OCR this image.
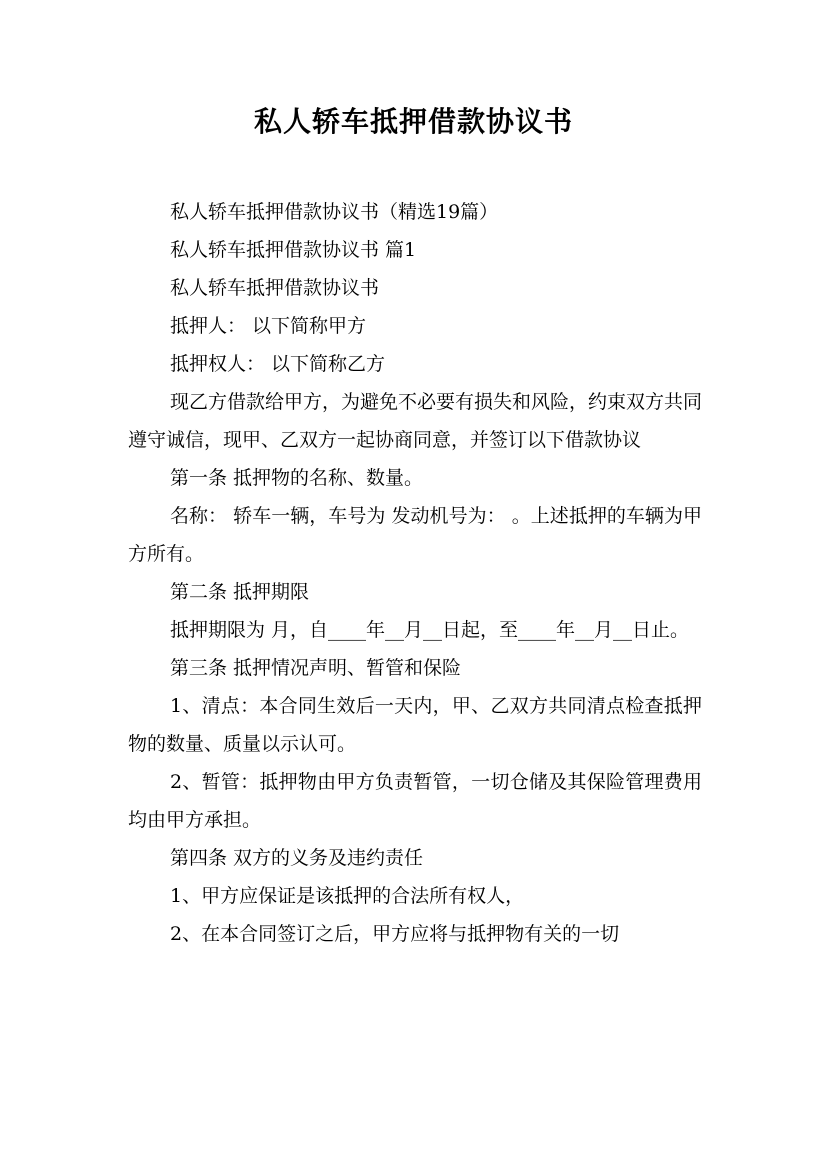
私人轿车抵押借款协议书

私人轿车抵押借款协议书（精选19篇）

私人轿车抵押借款协议书 篇1

私人轿车抵押借款协议书

抵押人： 以下简称甲方

抵押权人： 以下简称乙方

现乙方借款给甲方，为避免不必要有损失和风险，约束双方共同遵守诚信，现甲、乙双方一起协商同意，并签订以下借款协议

第一条 抵押物的名称、数量。

名称： 轿车一辆，车号为 发动机号为： 。上述抵押的车辆为甲方所有。

第二条 抵押期限

抵押期限为 月，自____年__月__日起，至____年__月__日止。

第三条 抵押情况声明、暂管和保险

1、清点：本合同生效后一天内，甲、乙双方共同清点检查抵押物的数量、质量以示认可。

2、暂管：抵押物由甲方负责暂管，一切仓储及其保险管理费用均由甲方承担。

第四条 双方的义务及违约责任

1、甲方应保证是该抵押的合法所有权人，

2、在本合同签订之后，甲方应将与抵押物有关的一切
